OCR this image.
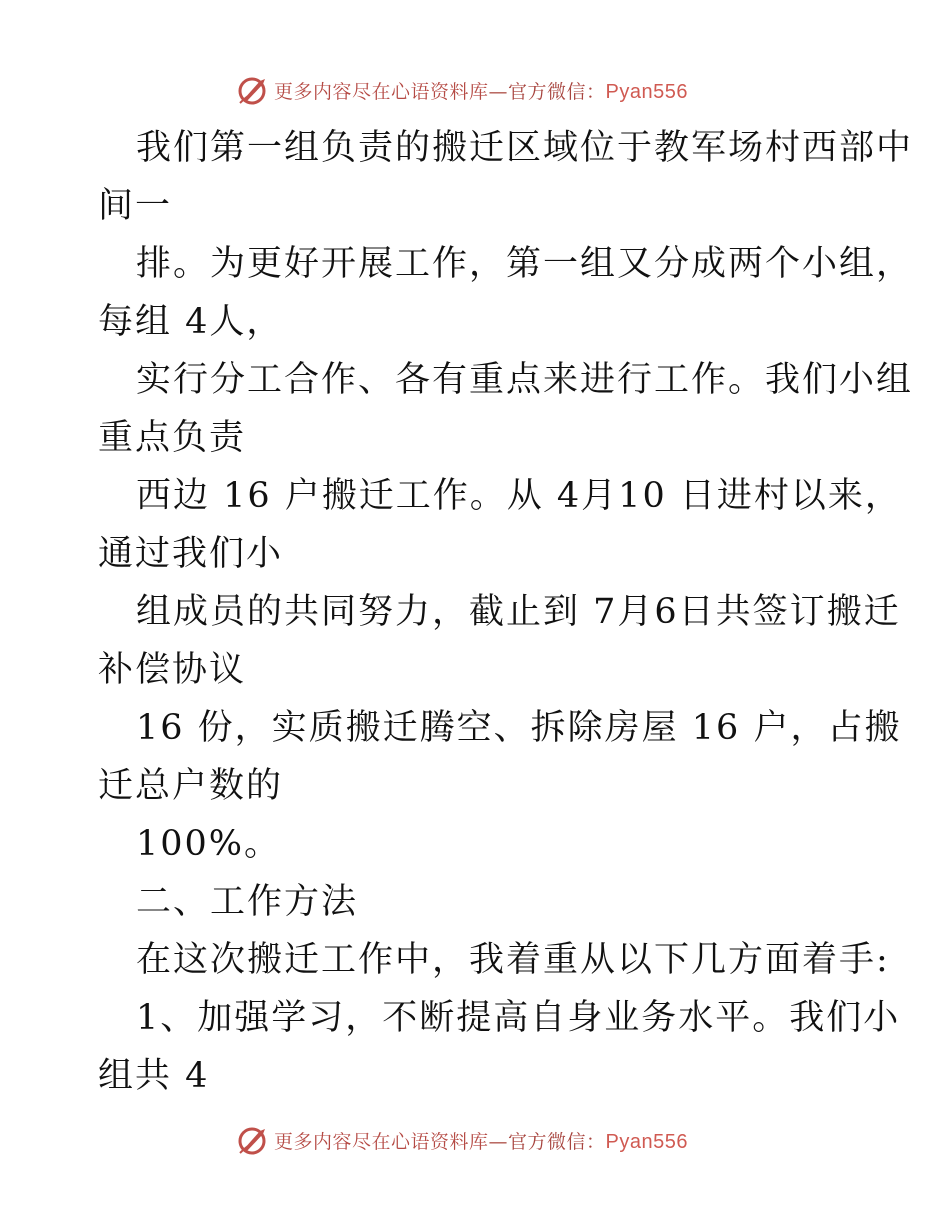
更多内容尽在心语资料库—官方微信：Pyan556
我们第一组负责的搬迁区域位于教军场村西部中
间一
排。为更好开展工作，第一组又分成两个小组，
每组 4人，
实行分工合作、各有重点来进行工作。我们小组
重点负责
西边 16 户搬迁工作。从 4月10 日进村以来，
通过我们小
组成员的共同努力，截止到 7月6日共签订搬迁
补偿协议
16 份，实质搬迁腾空、拆除房屋 16 户，占搬
迁总户数的
100%。
二、工作方法
在这次搬迁工作中，我着重从以下几方面着手:
1、加强学习，不断提高自身业务水平。我们小
组共 4
更多内容尽在心语资料库—官方微信：Pyan556
